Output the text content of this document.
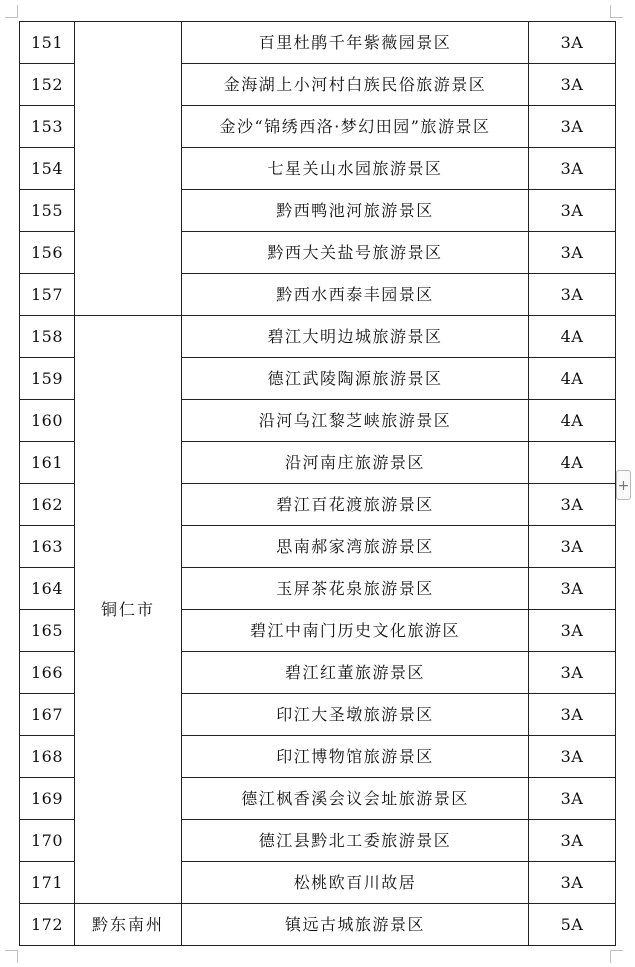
151		百里杜鹃千年紫薇园景区	3A
152		金海湖上小河村白族民俗旅游景区	3A
153		金沙“锦绣西洛·梦幻田园”旅游景区	3A
154		七星关山水园旅游景区	3A
155		黔西鸭池河旅游景区	3A
156		黔西大关盐号旅游景区	3A
157		黔西水西泰丰园景区	3A
158	铜仁市	碧江大明边城旅游景区	4A
159		德江武陵陶源旅游景区	4A
160		沿河乌江黎芝峡旅游景区	4A
161		沿河南庄旅游景区	4A
162		碧江百花渡旅游景区	3A
163		思南郝家湾旅游景区	3A
164		玉屏茶花泉旅游景区	3A
165		碧江中南门历史文化旅游区	3A
166		碧江红董旅游景区	3A
167		印江大圣墩旅游景区	3A
168		印江博物馆旅游景区	3A
169		德江枫香溪会议会址旅游景区	3A
170		德江县黔北工委旅游景区	3A
171		松桃欧百川故居	3A
172	黔东南州	镇远古城旅游景区	5A
+
